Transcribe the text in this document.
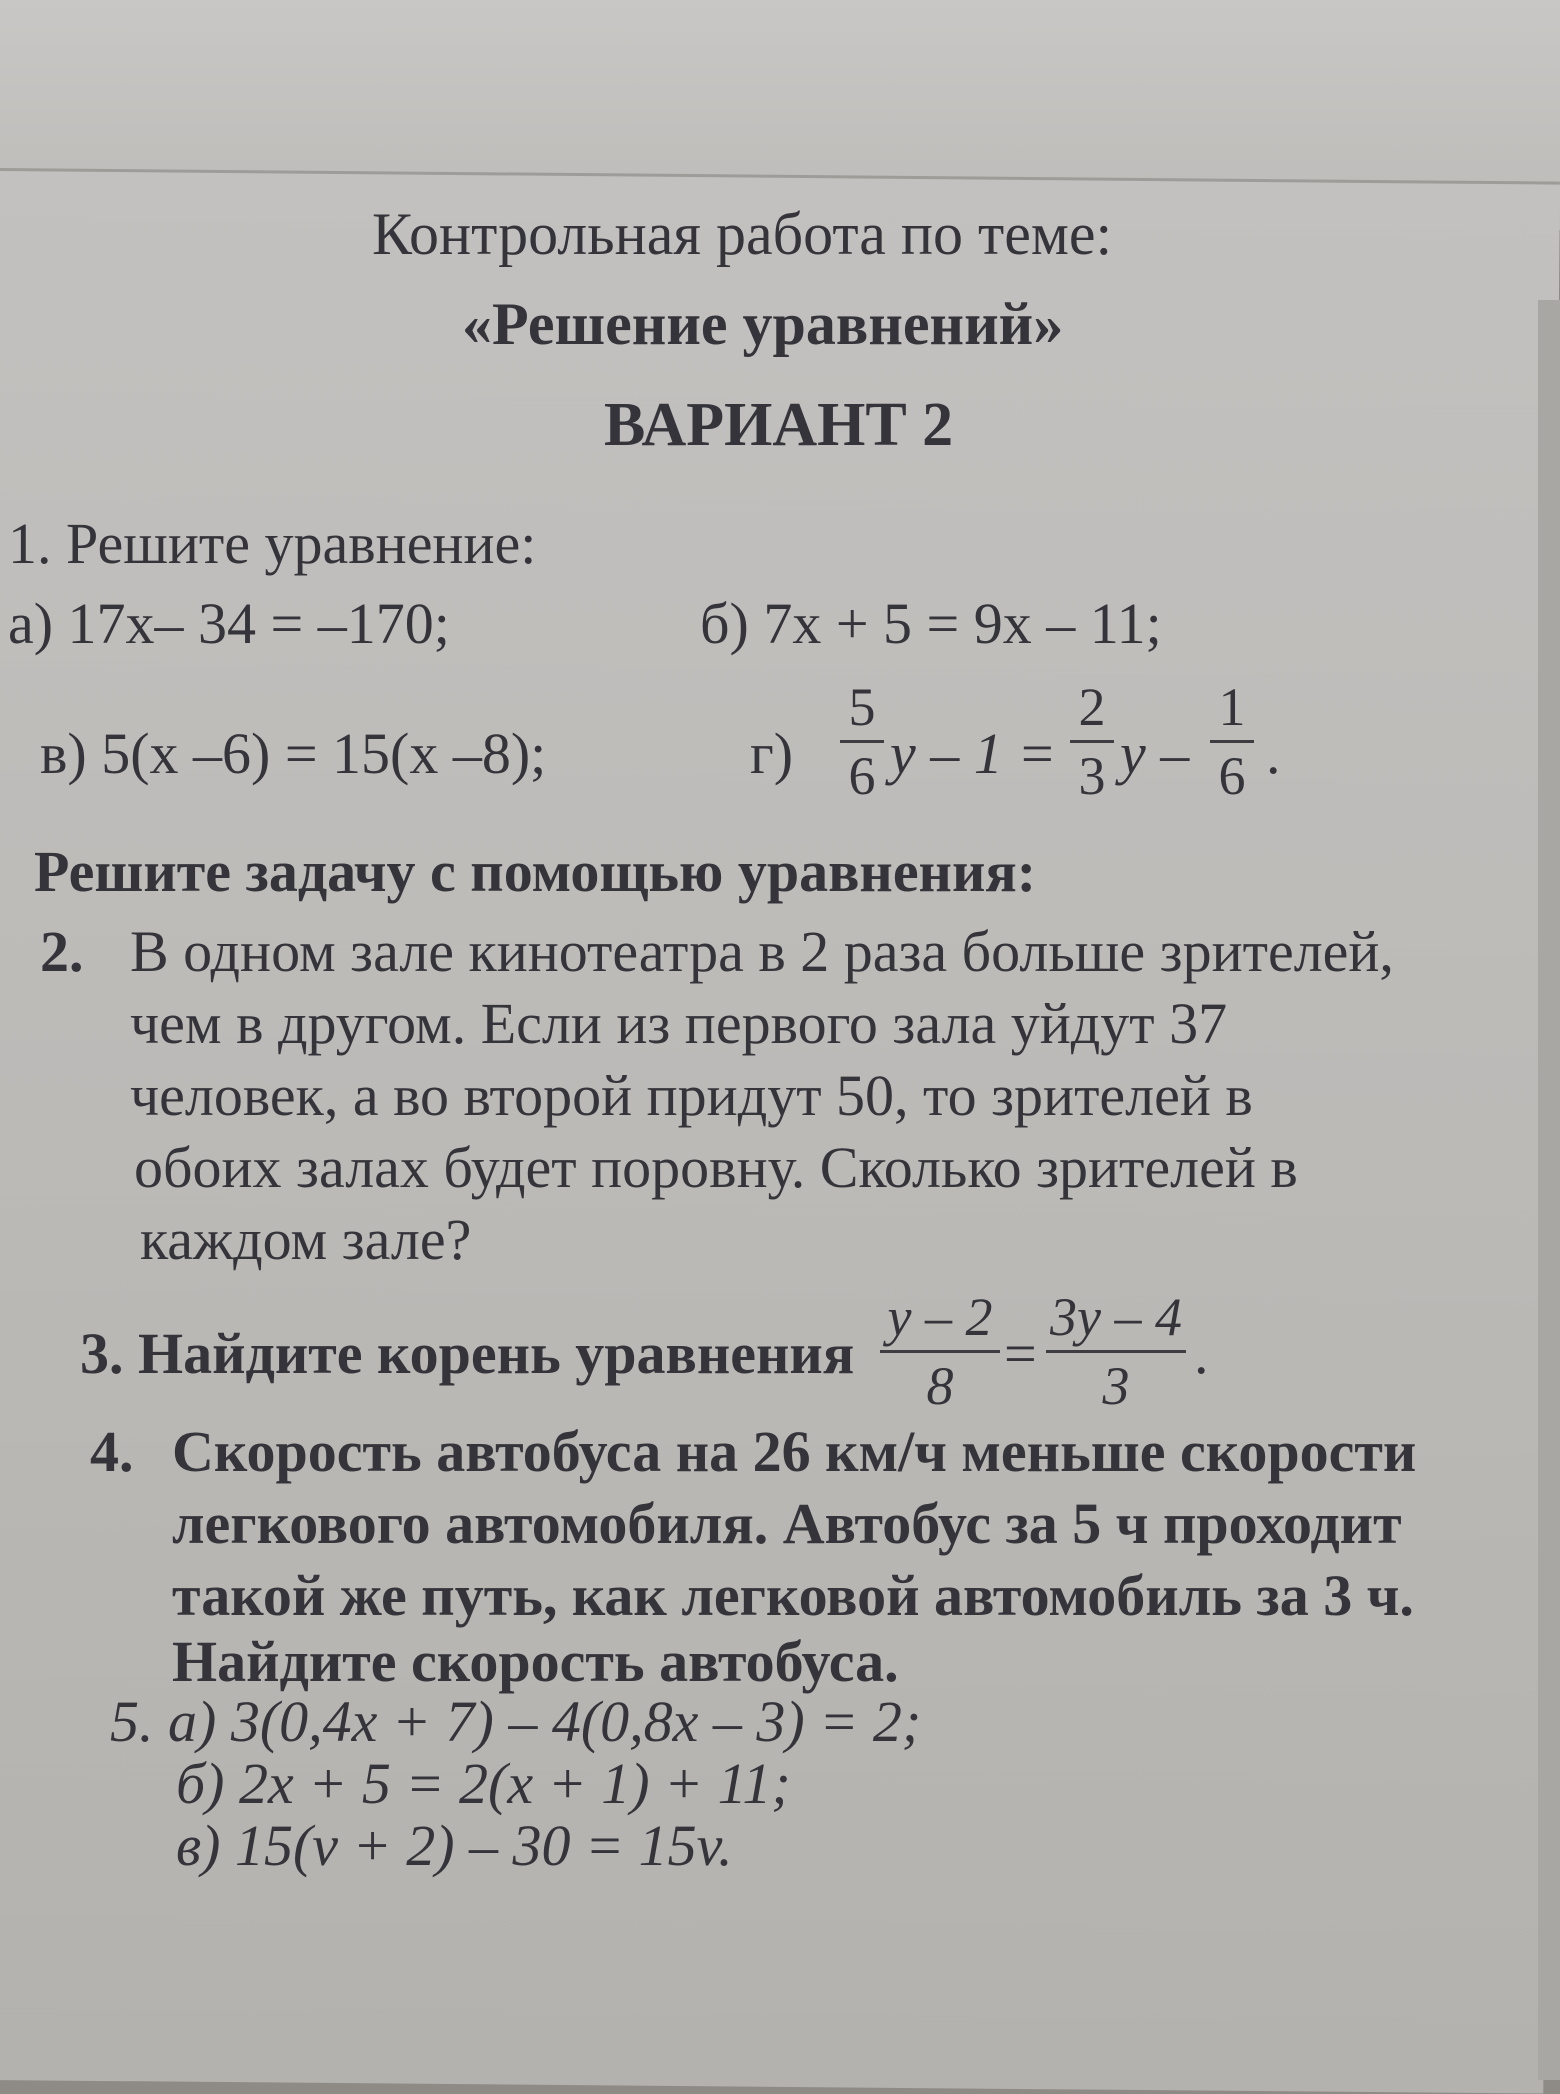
Контрольная работа по теме:
«Решение уравнений»
ВАРИАНТ 2
1. Решите уравнение:
а) 17x– 34 = –170;	б) 7x + 5 = 9x – 11;
в) 5(x –6) = 15(x –8);	г)
5
6 y – 1 =
2
3 y –
1
6 .
Решите задачу с помощью уравнения:
2. В одном зале кинотеатра в 2 раза больше зрителей,
чем в другом. Если из первого зала уйдут 37
человек, а во второй придут 50, то зрителей в
обоих залах будет поровну. Сколько зрителей в
каждом зале?
3. Найдите корень уравнения
y – 2
8 =
3y – 4
3 .
4. Скорость автобуса на 26 км/ч меньше скорости
легкового автомобиля. Автобус за 5 ч проходит
такой же путь, как легковой автомобиль за 3 ч.
Найдите скорость автобуса.
5. а) 3(0,4x + 7) – 4(0,8x – 3) = 2;
б) 2x + 5 = 2(x + 1) + 11;
в) 15(v + 2) – 30 = 15v.
